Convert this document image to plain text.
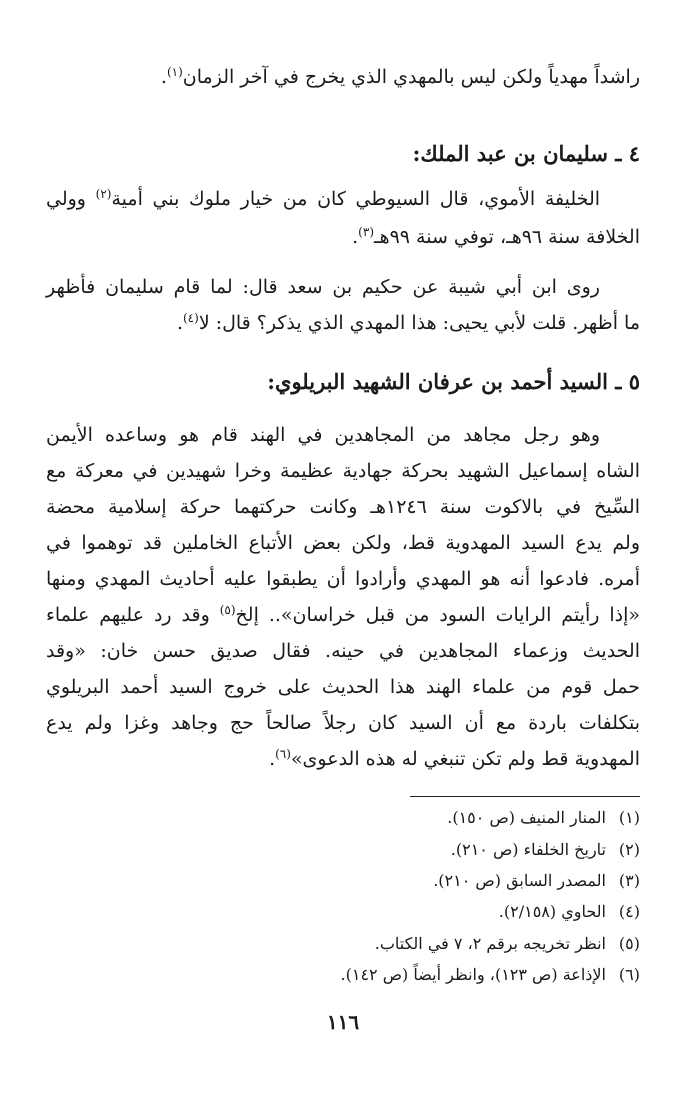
راشداً مهدياً ولكن ليس بالمهدي الذي يخرج في آخر الزمان$^{(١)}$.
٤ ـ سليمان بن عبد الملك:
الخليفة الأموي، قال السيوطي كان من خيار ملوك بني أمية$^{(٢)}$ وولي
الخلافة سنة ٩٦هـ، توفي سنة ٩٩هـ$^{(٣)}$.
روى ابن أبي شيبة عن حكيم بن سعد قال: لما قام سليمان فأظهر
ما أظهر. قلت لأبي يحيى: هذا المهدي الذي يذكر؟ قال: لا$^{(٤)}$.
٥ ـ السيد أحمد بن عرفان الشهيد البريلوي:
وهو رجل مجاهد من المجاهدين في الهند قام هو وساعده الأيمن
الشاه إسماعيل الشهيد بحركة جهادية عظيمة وخرا شهيدين في معركة مع
السِّيخ في بالاكوت سنة ١٢٤٦هـ وكانت حركتهما حركة إسلامية محضة
ولم يدع السيد المهدوية قط، ولكن بعض الأتباع الخاملين قد توهموا في
أمره. فادعوا أنه هو المهدي وأرادوا أن يطبقوا عليه أحاديث المهدي ومنها
«إذا رأيتم الرايات السود من قبل خراسان».. إلخ$^{(٥)}$ وقد رد عليهم علماء
الحديث وزعماء المجاهدين في حينه. فقال صديق حسن خان: «وقد
حمل قوم من علماء الهند هذا الحديث على خروج السيد أحمد البريلوي
بتكلفات باردة مع أن السيد كان رجلاً صالحاً حج وجاهد وغزا ولم يدع
المهدوية قط ولم تكن تنبغي له هذه الدعوى»$^{(٦)}$.
(١)المنار المنيف (ص ١٥٠).
(٢)تاريخ الخلفاء (ص ٢١٠).
(٣)المصدر السابق (ص ٢١٠).
(٤)الحاوي (٢/١٥٨).
(٥)انظر تخريجه برقم ٢، ٧ في الكتاب.
(٦)الإذاعة (ص ١٢٣)، وانظر أيضاً (ص ١٤٢).
١١٦
